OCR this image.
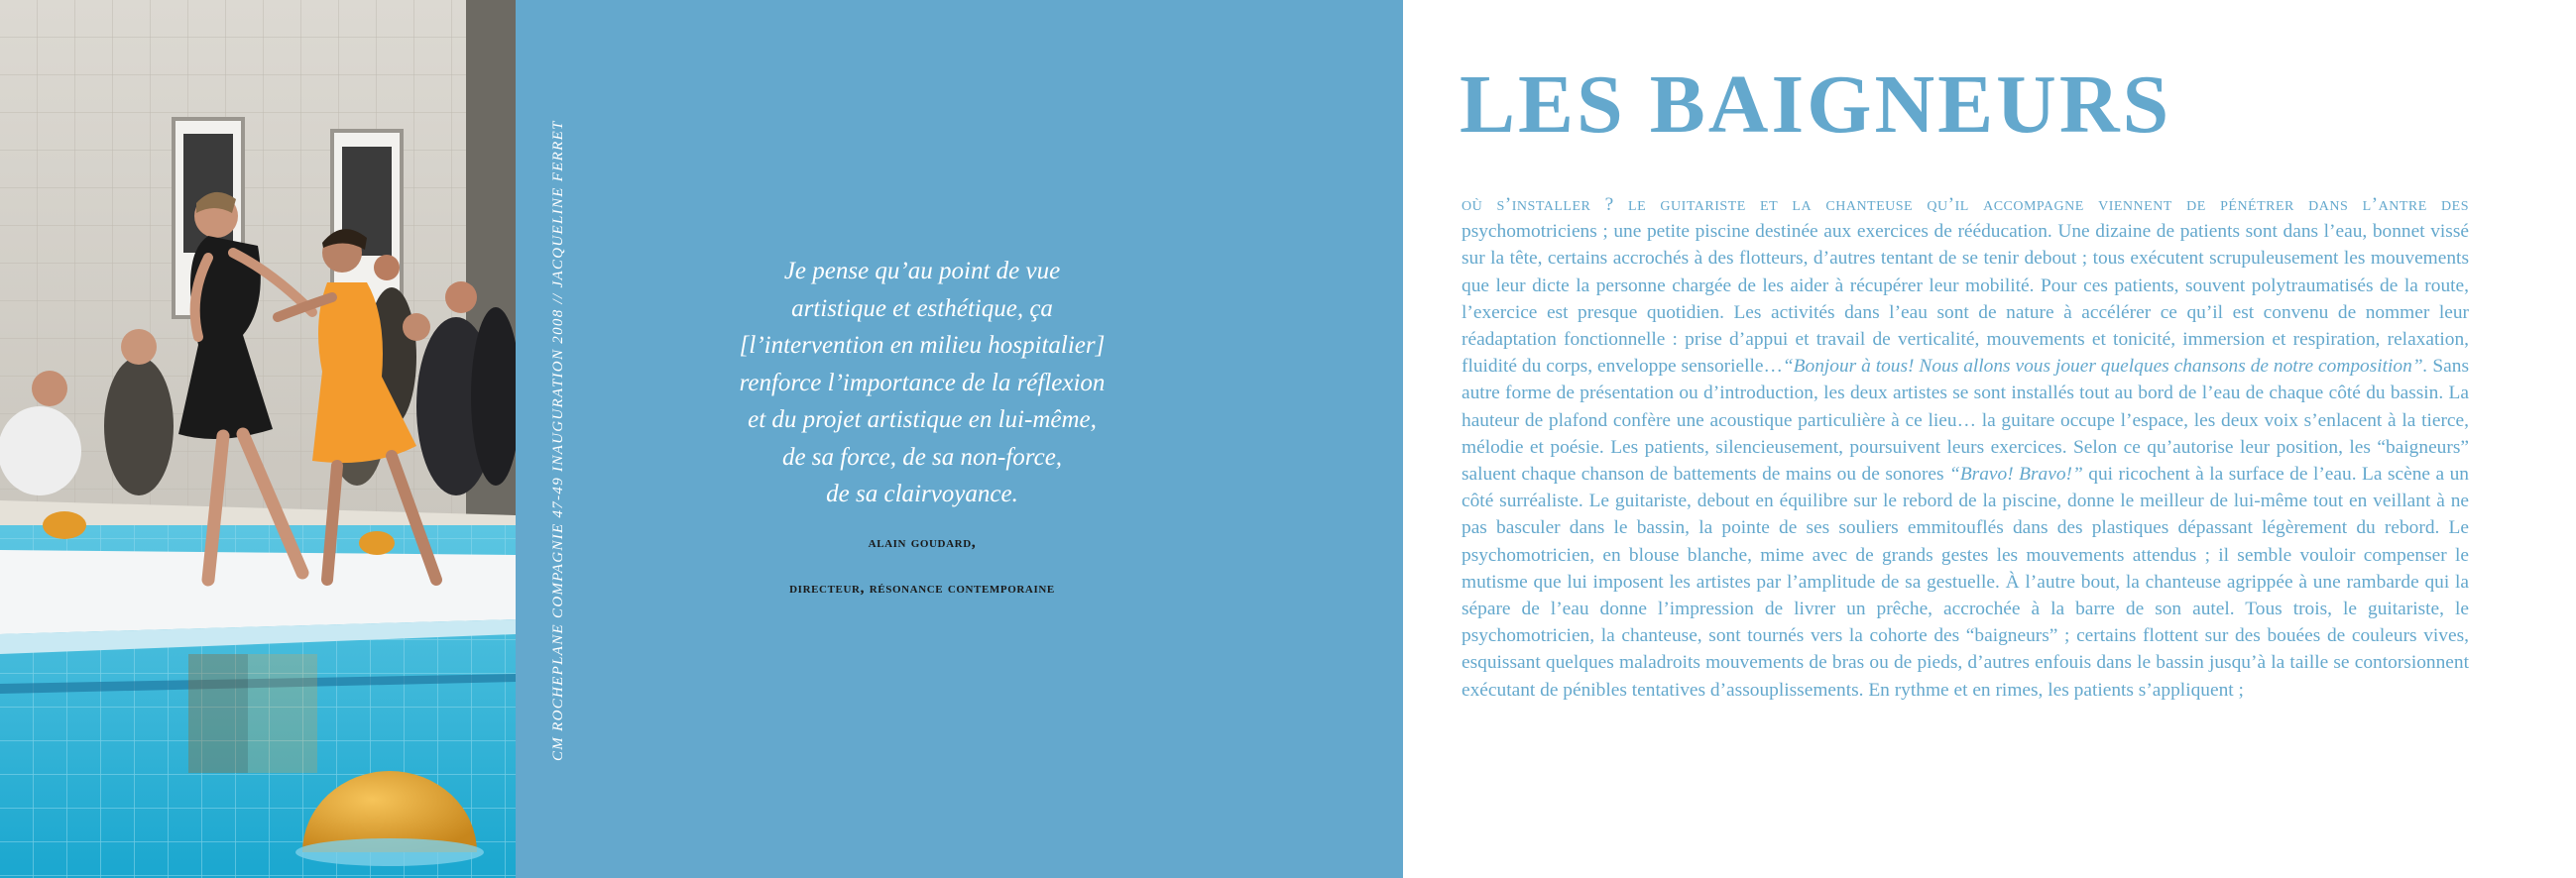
CM ROCHEPLANE COMPAGNIE 47-49 INAUGURATION 2008 // JACQUELINE FERRET	Je pense qu’au point de vue
artistique et esthétique, ça
[l’intervention en milieu hospitalier]
renforce l’importance de la réflexion
et du projet artistique en lui-même,
de sa force, de sa non-force,
de sa clairvoyance.

alain goudard,
directeur, résonance contemporaine
LES BAIGNEURS

où s’installer ? le guitariste et la chanteuse qu’il accompagne viennent de pénétrer dans l’antre des psychomotriciens ; une petite piscine destinée aux exercices de rééducation. Une dizaine de patients sont dans l’eau, bonnet vissé sur la tête, certains accrochés à des flotteurs, d’autres tentant de se tenir debout ; tous exécutent scrupuleusement les mouvements que leur dicte la personne chargée de les aider à récupérer leur mobilité. Pour ces patients, souvent polytraumatisés de la route, l’exercice est presque quotidien. Les activités dans l’eau sont de nature à accélérer ce qu’il est convenu de nommer leur réadaptation fonctionnelle : prise d’appui et travail de verticalité, mouvements et tonicité, immersion et respiration, relaxation, fluidité du corps, enveloppe sensorielle…“Bonjour à tous! Nous allons vous jouer quelques chansons de notre composition”. Sans autre forme de présentation ou d’introduction, les deux artistes se sont installés tout au bord de l’eau de chaque côté du bassin. La hauteur de plafond confère une acoustique particulière à ce lieu… la guitare occupe l’espace, les deux voix s’enlacent à la tierce, mélodie et poésie. Les patients, silencieusement, poursuivent leurs exercices. Selon ce qu’autorise leur position, les “baigneurs” saluent chaque chanson de battements de mains ou de sonores “Bravo! Bravo!” qui ricochent à la surface de l’eau. La scène a un côté surréaliste. Le guitariste, debout en équilibre sur le rebord de la piscine, donne le meilleur de lui-même tout en veillant à ne pas basculer dans le bassin, la pointe de ses souliers emmitouflés dans des plastiques dépassant légèrement du rebord. Le psychomotricien, en blouse blanche, mime avec de grands gestes les mouvements attendus ; il semble vouloir compenser le mutisme que lui imposent les artistes par l’amplitude de sa gestuelle. À l’autre bout, la chanteuse agrippée à une rambarde qui la sépare de l’eau donne l’impression de livrer un prêche, accrochée à la barre de son autel. Tous trois, le guitariste, le psychomotricien, la chanteuse, sont tournés vers la cohorte des “baigneurs” ; certains flottent sur des bouées de couleurs vives, esquissant quelques maladroits mouvements de bras ou de pieds, d’autres enfouis dans le bassin jusqu’à la taille se contorsionnent exécutant de pénibles tentatives d’assouplissements. En rythme et en rimes, les patients s’appliquent ;
